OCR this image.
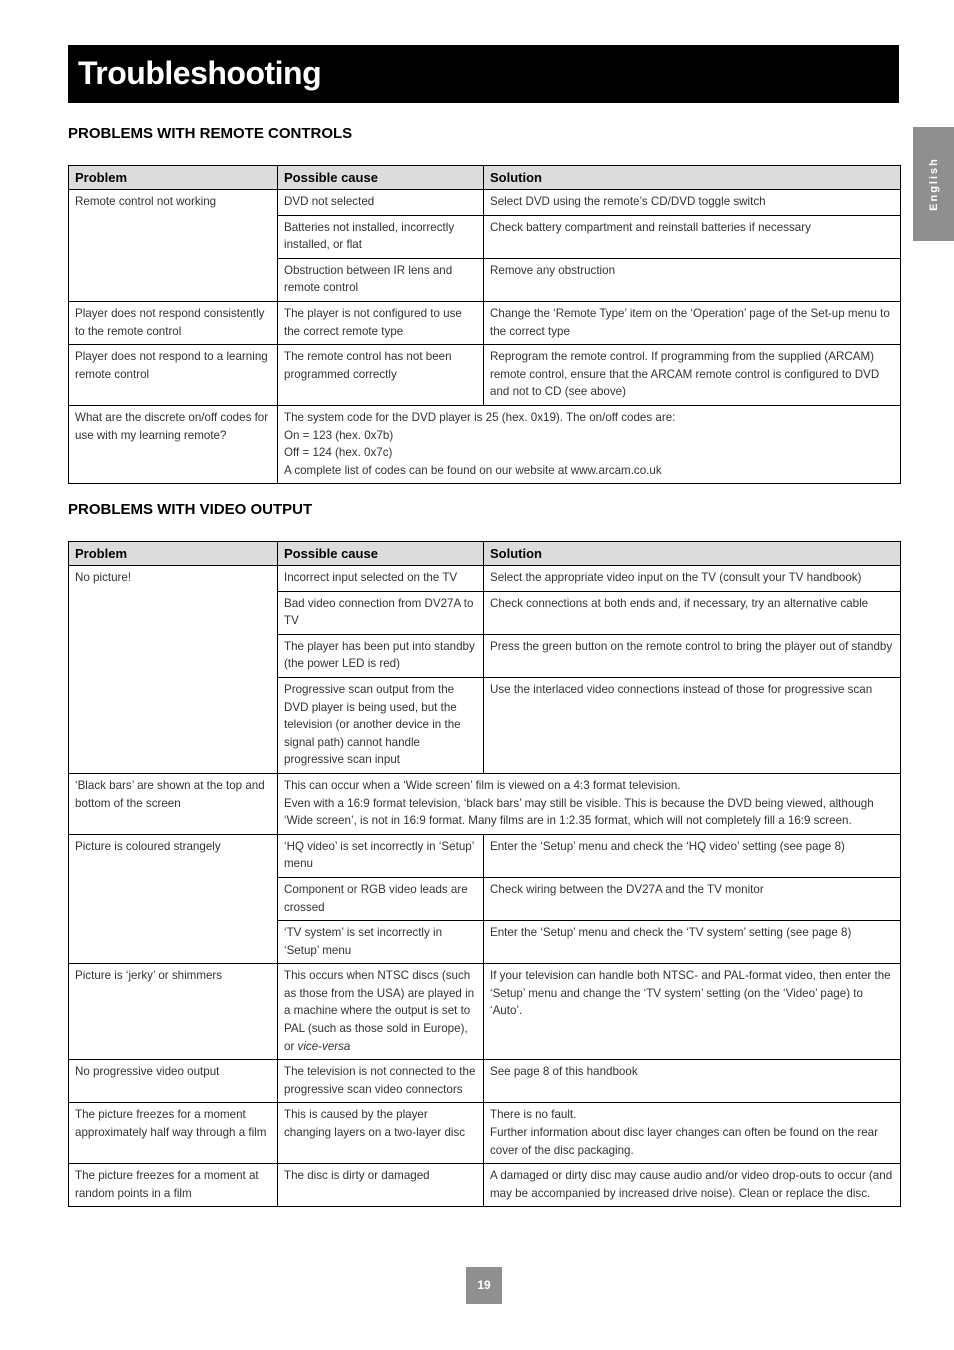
Troubleshooting
English
PROBLEMS WITH REMOTE CONTROLS
Problem	Possible cause	Solution
Remote control not working	DVD not selected	Select DVD using the remote’s CD/DVD toggle switch
	Batteries not installed, incorrectly installed, or flat	Check battery compartment and reinstall batteries if necessary
	Obstruction between IR lens and remote control	Remove any obstruction
Player does not respond consistently to the remote control	The player is not configured to use the correct remote type	Change the ‘Remote Type’ item on the ‘Operation’ page of the Set-up menu to the correct type
Player does not respond to a learning remote control	The remote control has not been programmed correctly	Reprogram the remote control. If programming from the supplied (ARCAM) remote control, ensure that the ARCAM remote control is configured to DVD and not to CD (see above)
What are the discrete on/off codes for use with my learning remote?	The system code for the DVD player is 25 (hex. 0x19). The on/off codes are:
On = 123 (hex. 0x7b)
Off = 124 (hex. 0x7c)
A complete list of codes can be found on our website at www.arcam.co.uk	
PROBLEMS WITH VIDEO OUTPUT
Problem	Possible cause	Solution
No picture!	Incorrect input selected on the TV	Select the appropriate video input on the TV (consult your TV handbook)
	Bad video connection from DV27A to TV	Check connections at both ends and, if necessary, try an alternative cable
	The player has been put into standby (the power LED is red)	Press the green button on the remote control to bring the player out of standby
	Progressive scan output from the DVD player is being used, but the television (or another device in the signal path) cannot handle progressive scan input	Use the interlaced video connections instead of those for progressive scan
‘Black bars’ are shown at the top and bottom of the screen	This can occur when a ‘Wide screen’ film is viewed on a 4:3 format television.
Even with a 16:9 format television, ‘black bars’ may still be visible. This is because the DVD being viewed, although ‘Wide screen’, is not in 16:9 format. Many films are in 1:2.35 format, which will not completely fill a 16:9 screen.	

Picture is coloured strangely	‘HQ video’ is set incorrectly in ‘Setup’ menu	Enter the ‘Setup’ menu and check the ‘HQ video’ setting (see page 8)
	Component or RGB video leads are crossed	Check wiring between the DV27A and the TV monitor
	‘TV system’ is set incorrectly in ‘Setup’ menu	Enter the ‘Setup’ menu and check the ‘TV system’ setting (see page 8)
Picture is ‘jerky’ or shimmers	This occurs when NTSC discs (such as those from the USA) are played in a machine where the output is set to PAL (such as those sold in Europe), or vice-versa	If your television can handle both NTSC- and PAL-format video, then enter the ‘Setup’ menu and change the ‘TV system’ setting (on the ‘Video’ page) to ‘Auto’.
No progressive video output	The television is not connected to the progressive scan video connectors	See page 8 of this handbook
The picture freezes for a moment approximately half way through a film	This is caused by the player changing layers on a two-layer disc	There is no fault.
Further information about disc layer changes can often be found on the rear cover of the disc packaging.

The picture freezes for a moment at random points in a film	The disc is dirty or damaged	A damaged or dirty disc may cause audio and/or video drop-outs to occur (and may be accompanied by increased drive noise). Clean or replace the disc.
19
